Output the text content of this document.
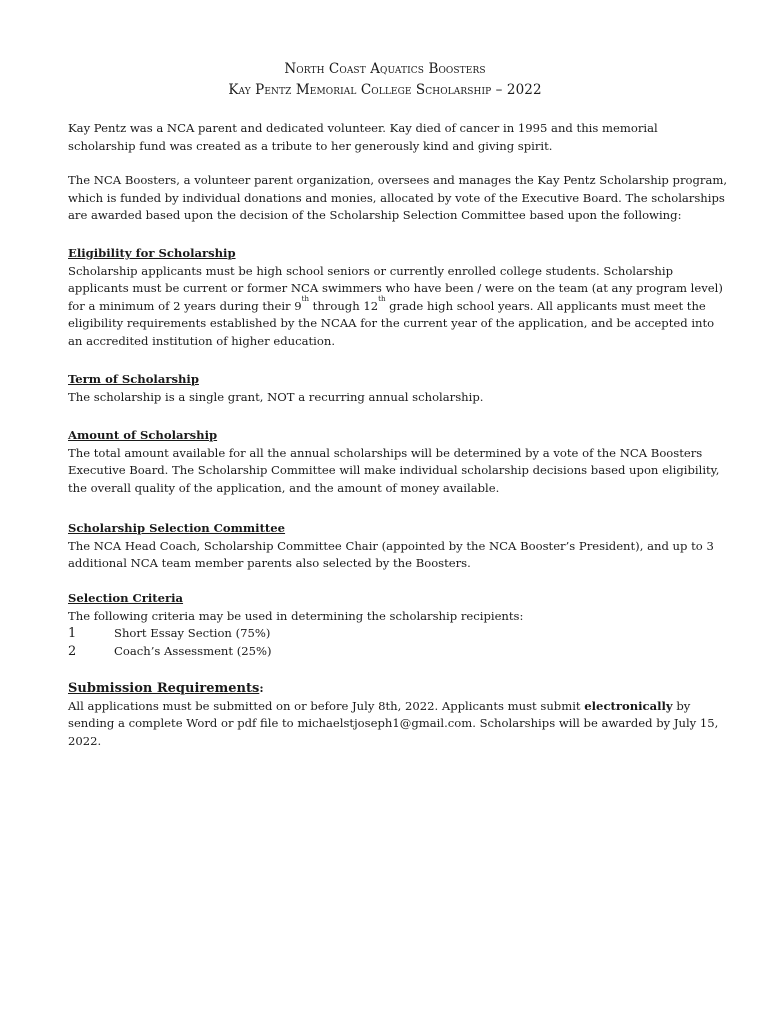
North Coast Aquatics Boosters
Kay Pentz Memorial College Scholarship – 2022
Kay Pentz was a NCA parent and dedicated volunteer. Kay died of cancer in 1995 and this memorial scholarship fund was created as a tribute to her generously kind and giving spirit.
The NCA Boosters, a volunteer parent organization, oversees and manages the Kay Pentz Scholarship program, which is funded by individual donations and monies, allocated by vote of the Executive Board. The scholarships are awarded based upon the decision of the Scholarship Selection Committee based upon the following:
Eligibility for Scholarship
Scholarship applicants must be high school seniors or currently enrolled college students. Scholarship applicants must be current or former NCA swimmers who have been / were on the team (at any program level) for a minimum of 2 years during their 9th through 12th grade high school years. All applicants must meet the eligibility requirements established by the NCAA for the current year of the application, and be accepted into an accredited institution of higher education.
Term of Scholarship
The scholarship is a single grant, NOT a recurring annual scholarship.
Amount of Scholarship
The total amount available for all the annual scholarships will be determined by a vote of the NCA Boosters Executive Board. The Scholarship Committee will make individual scholarship decisions based upon eligibility, the overall quality of the application, and the amount of money available.
Scholarship Selection Committee
The NCA Head Coach, Scholarship Committee Chair (appointed by the NCA Booster’s President), and up to 3 additional NCA team member parents also selected by the Boosters.
Selection Criteria
The following criteria may be used in determining the scholarship recipients:
1	Short Essay Section (75%)
2	Coach’s Assessment (25%)
Submission Requirements:
All applications must be submitted on or before July 8th, 2022. Applicants must submit electronically by sending a complete Word or pdf file to michaelstjoseph1@gmail.com. Scholarships will be awarded by July 15, 2022.
